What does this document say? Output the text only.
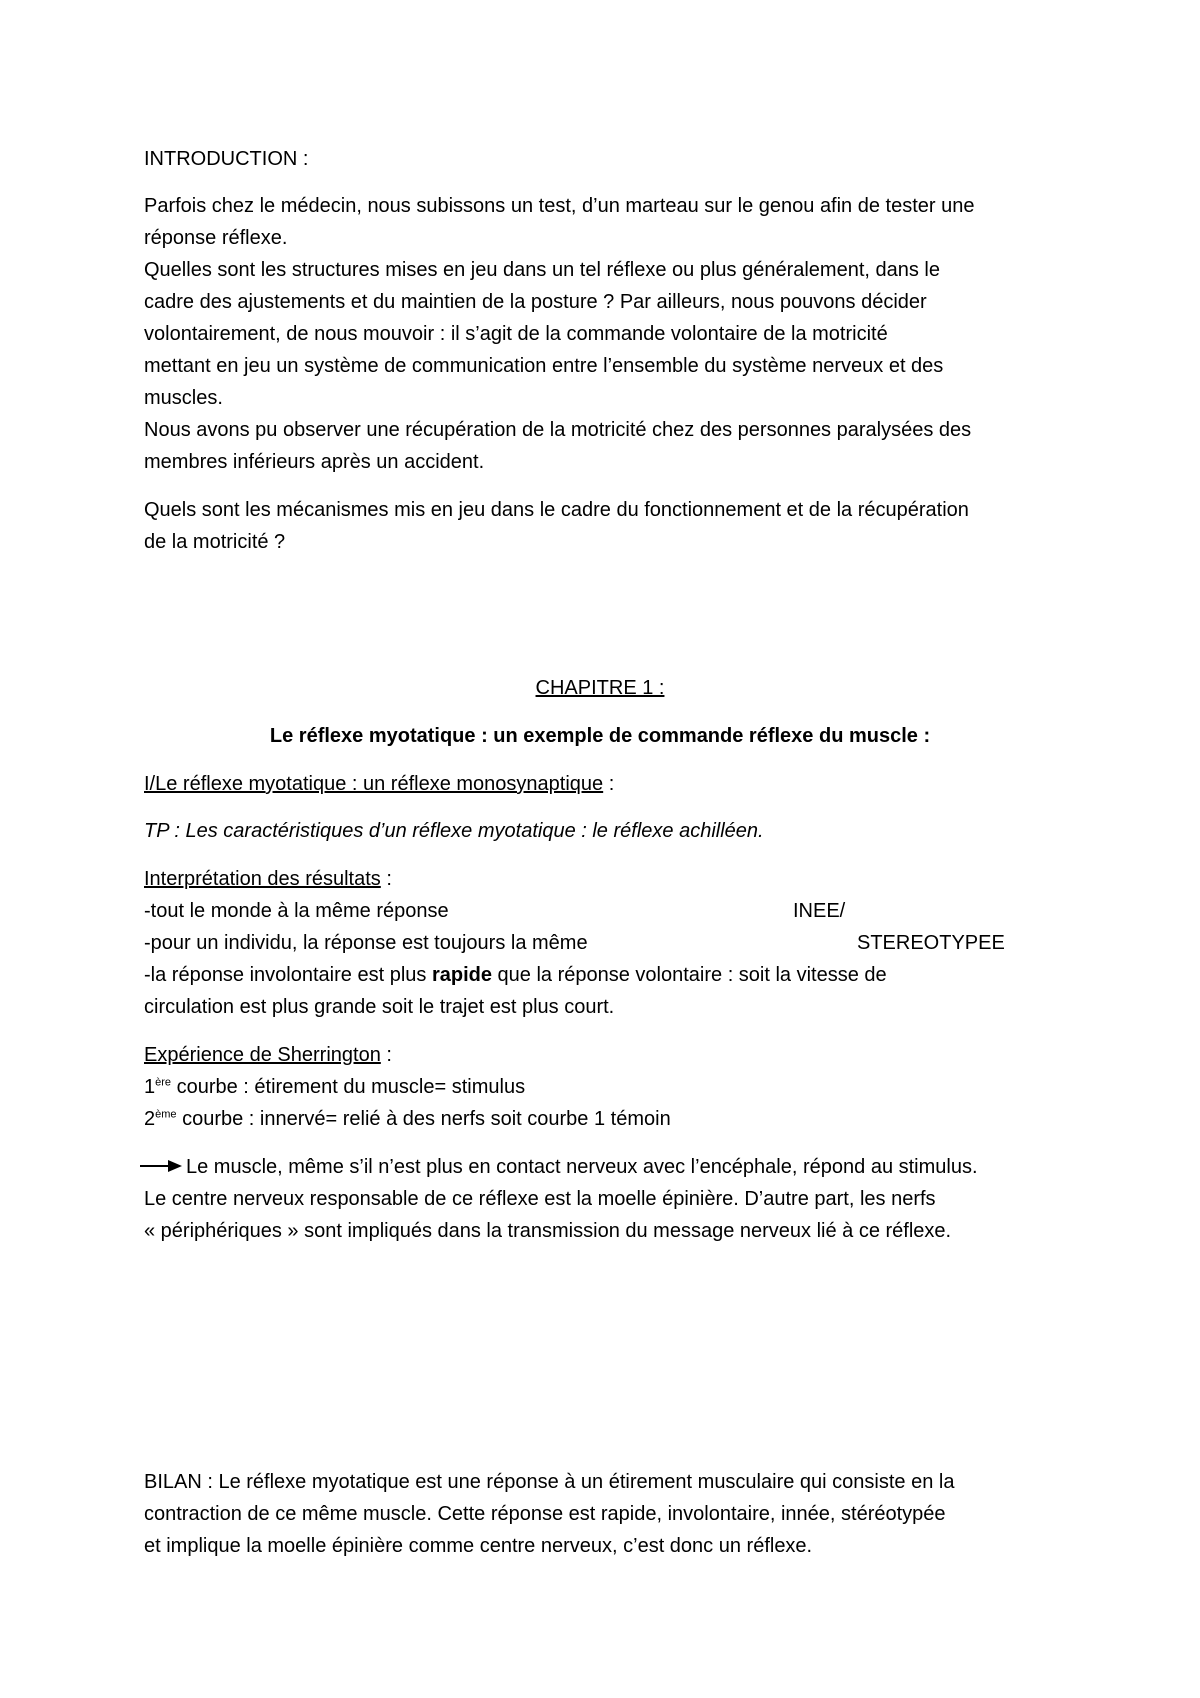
INTRODUCTION :
Parfois chez le médecin, nous subissons un test, d’un marteau sur le genou afin de tester une
réponse réflexe.
Quelles sont les structures mises en jeu dans un tel réflexe ou plus généralement, dans le
cadre des ajustements et du maintien de la posture ? Par ailleurs, nous pouvons décider
volontairement, de nous mouvoir : il s’agit de la commande volontaire de la motricité
mettant en jeu un système de communication entre l’ensemble du système nerveux et des
muscles.
Nous avons pu observer une récupération de la motricité chez des personnes paralysées des
membres inférieurs après un accident.
Quels sont les mécanismes mis en jeu dans le cadre du fonctionnement et de la récupération
de la motricité ?
CHAPITRE 1 :
Le réflexe myotatique : un exemple de commande réflexe du muscle :
I/Le réflexe myotatique : un réflexe monosynaptique :
TP : Les caractéristiques d’un réflexe myotatique : le réflexe achilléen.
Interprétation des résultats :
-tout le monde à la même réponse	INEE/
-pour un individu, la réponse est toujours la même	STEREOTYPEE
-la réponse involontaire est plus rapide que la réponse volontaire : soit la vitesse de
circulation est plus grande soit le trajet est plus court.
Expérience de Sherrington :
1ère courbe : étirement du muscle= stimulus
2ème courbe : innervé= relié à des nerfs soit courbe 1 témoin
Le muscle, même s’il n’est plus en contact nerveux avec l’encéphale, répond au stimulus.
Le centre nerveux responsable de ce réflexe est la moelle épinière. D’autre part, les nerfs
« périphériques » sont impliqués dans la transmission du message nerveux lié à ce réflexe.
BILAN : Le réflexe myotatique est une réponse à un étirement musculaire qui consiste en la
contraction de ce même muscle. Cette réponse est rapide, involontaire, innée, stéréotypée
et implique la moelle épinière comme centre nerveux, c’est donc un réflexe.
